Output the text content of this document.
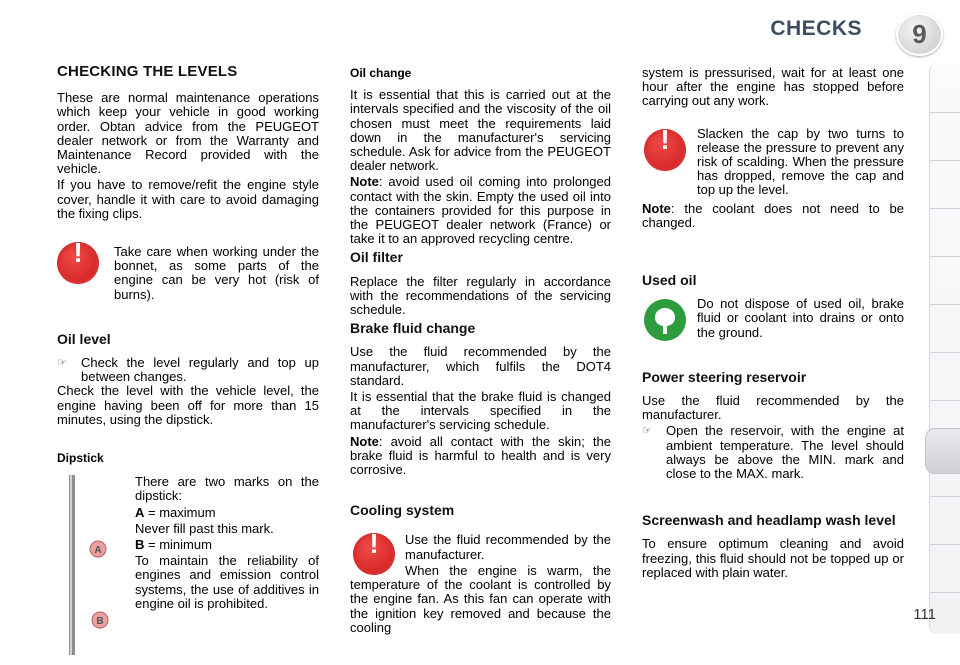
CHECKS	9
CHECKING THE LEVELS

These are normal maintenance operations which keep your vehicle in good working order. Obtan advice from the PEUGEOT dealer network or from the Warranty and Maintenance Record provided with the vehicle.

If you have to remove/refit the engine style cover, handle it with care to avoid damaging the fixing clips.

!
Take care when working under the bonnet, as some parts of the engine can be very hot (risk of burns).
Oil level
☞ Check the level regularly and top up between changes.

Check the level with the vehicle level, the engine having been off for more than 15 minutes, using the dipstick.

Dipstick
A
B

There are two marks on the dipstick:

A = maximum

Never fill past this mark.

B = minimum

To maintain the reliability of engines and emission control systems, the use of additives in engine oil is prohibited.

Oil change

It is essential that this is carried out at the intervals specified and the viscosity of the oil chosen must meet the requirements laid down in the manufacturer's servicing schedule. Ask for advice from the PEUGEOT dealer network.

Note: avoid used oil coming into prolonged contact with the skin. Empty the used oil into the containers provided for this purpose in the PEUGEOT dealer network (France) or take it to an approved recycling centre.

Oil filter

Replace the filter regularly in accordance with the recommendations of the servicing schedule.

Brake fluid change

Use the fluid recommended by the manufacturer, which fulfils the DOT4 standard.

It is essential that the brake fluid is changed at the intervals specified in the manufacturer's servicing schedule.

Note: avoid all contact with the skin; the brake fluid is harmful to health and is very corrosive.

Cooling system
!

Use the fluid recommended by the manufacturer.

When the engine is warm, the temperature of the coolant is controlled by the engine fan. As this fan can operate with the ignition key removed and because the cooling

system is pressurised, wait for at least one hour after the engine has stopped before carrying out any work.

!

Slacken the cap by two turns to release the pressure to prevent any risk of scalding. When the pressure has dropped, remove the cap and top up the level.

Note: the coolant does not need to be changed.

Used oil
Do not dispose of used oil, brake fluid or coolant into drains or onto the ground.
Power steering reservoir

Use the fluid recommended by the manufacturer.

☞ Open the reservoir, with the engine at ambient temperature. The level should always be above the MIN. mark and close to the MAX. mark.
Screenwash and headlamp wash level

To ensure optimum cleaning and avoid freezing, this fluid should not be topped up or replaced with plain water.

111
